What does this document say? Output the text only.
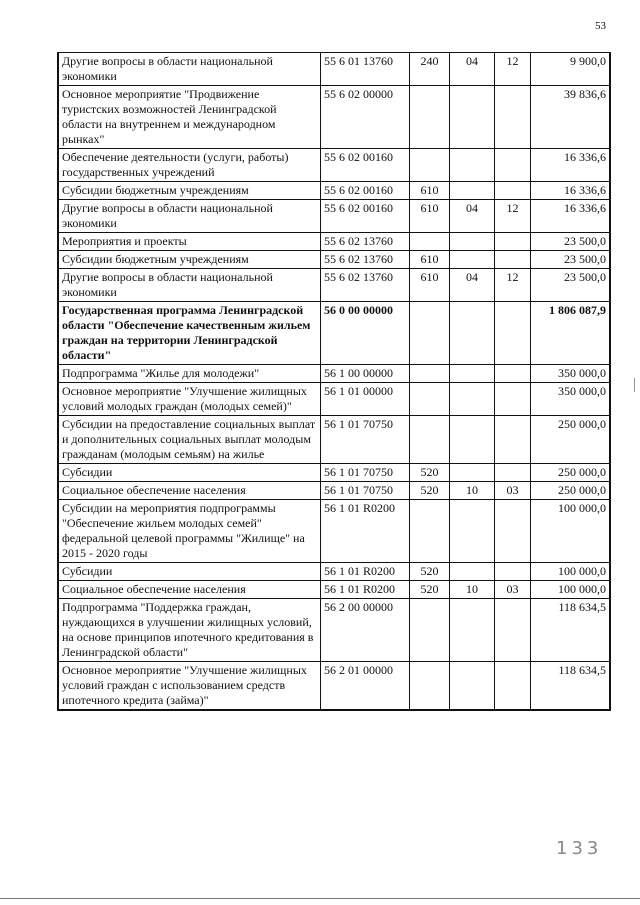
53
Другие вопросы в области национальной экономики	55 6 01 13760	240	04	12	9 900,0
Основное мероприятие "Продвижение туристских возможностей Ленинградской области на внутреннем и международном рынках"	55 6 02 00000				39 836,6
Обеспечение деятельности (услуги, работы) государственных учреждений	55 6 02 00160				16 336,6
Субсидии бюджетным учреждениям	55 6 02 00160	610			16 336,6
Другие вопросы в области национальной экономики	55 6 02 00160	610	04	12	16 336,6
Мероприятия и проекты	55 6 02 13760				23 500,0
Субсидии бюджетным учреждениям	55 6 02 13760	610			23 500,0
Другие вопросы в области национальной экономики	55 6 02 13760	610	04	12	23 500,0
Государственная программа Ленинградской области "Обеспечение качественным жильем граждан на территории Ленинградской области"	56 0 00 00000				1 806 087,9
Подпрограмма "Жилье для молодежи"	56 1 00 00000				350 000,0
Основное мероприятие "Улучшение жилищных условий молодых граждан (молодых семей)"	56 1 01 00000				350 000,0
Субсидии на предоставление социальных выплат и дополнительных социальных выплат молодым гражданам (молодым семьям) на жилье	56 1 01 70750				250 000,0
Субсидии	56 1 01 70750	520			250 000,0
Социальное обеспечение населения	56 1 01 70750	520	10	03	250 000,0
Субсидии на мероприятия подпрограммы "Обеспечение жильем молодых семей" федеральной целевой программы "Жилище" на 2015 - 2020 годы	56 1 01 R0200				100 000,0
Субсидии	56 1 01 R0200	520			100 000,0
Социальное обеспечение населения	56 1 01 R0200	520	10	03	100 000,0
Подпрограмма "Поддержка граждан, нуждающихся в улучшении жилищных условий, на основе принципов ипотечного кредитования в Ленинградской области"	56 2 00 00000				118 634,5
Основное мероприятие "Улучшение жилищных условий граждан с использованием средств ипотечного кредита (займа)"	56 2 01 00000				118 634,5
133
